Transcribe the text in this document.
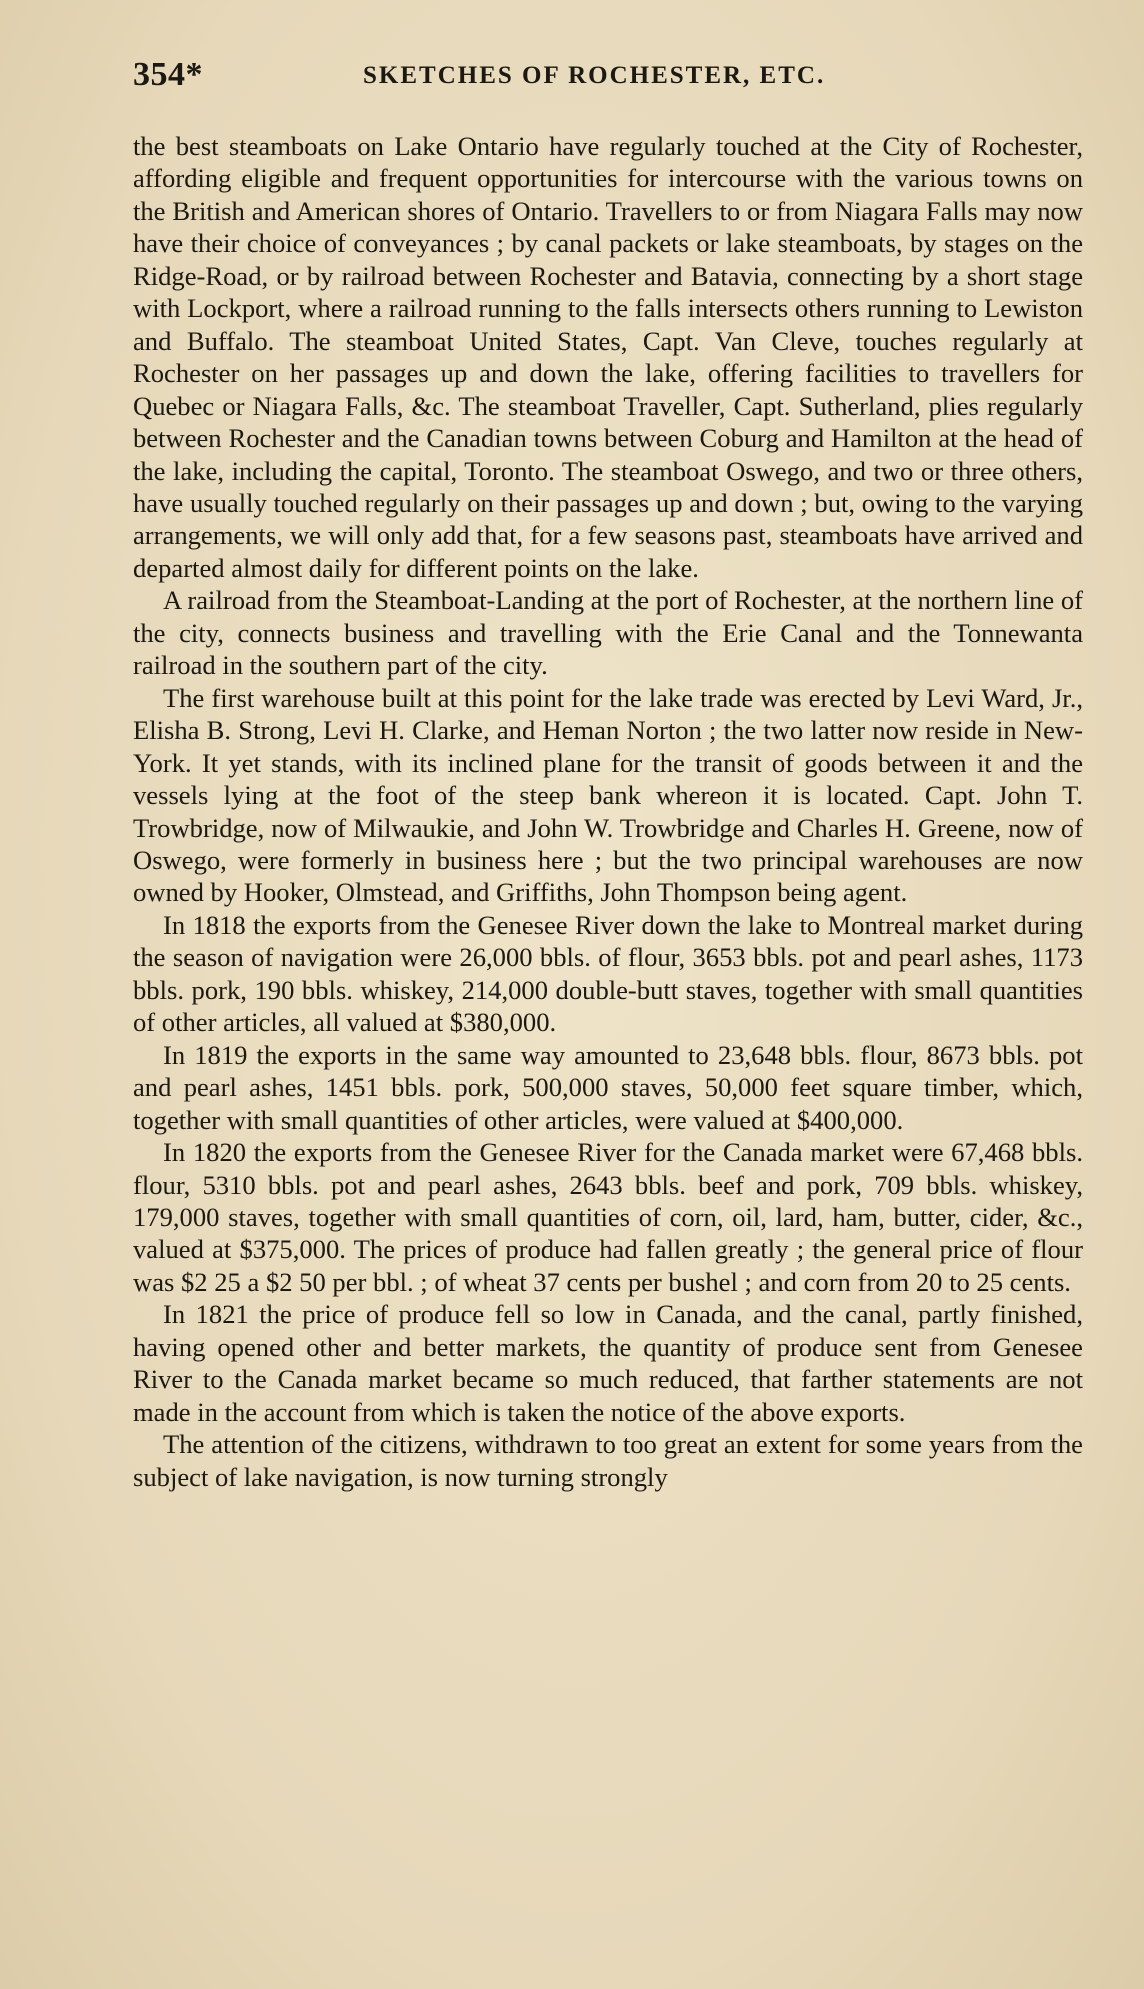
354*	SKETCHES OF ROCHESTER, ETC.

the best steamboats on Lake Ontario have regularly touched at the City of Rochester, affording eligible and frequent opportunities for intercourse with the various towns on the British and American shores of Ontario. Travellers to or from Niagara Falls may now have their choice of conveyances ; by canal packets or lake steamboats, by stages on the Ridge-Road, or by railroad between Rochester and Batavia, connecting by a short stage with Lockport, where a railroad running to the falls intersects others running to Lewiston and Buffalo. The steamboat United States, Capt. Van Cleve, touches regularly at Rochester on her passages up and down the lake, offering facilities to travellers for Quebec or Niagara Falls, &c. The steamboat Traveller, Capt. Sutherland, plies regularly between Rochester and the Canadian towns between Coburg and Hamilton at the head of the lake, including the capital, Toronto. The steamboat Oswego, and two or three others, have usually touched regularly on their passages up and down ; but, owing to the varying arrangements, we will only add that, for a few seasons past, steamboats have arrived and departed almost daily for different points on the lake.

A railroad from the Steamboat-Landing at the port of Rochester, at the northern line of the city, connects business and travelling with the Erie Canal and the Tonnewanta railroad in the southern part of the city.

The first warehouse built at this point for the lake trade was erected by Levi Ward, Jr., Elisha B. Strong, Levi H. Clarke, and Heman Norton ; the two latter now reside in New-York. It yet stands, with its inclined plane for the transit of goods between it and the vessels lying at the foot of the steep bank whereon it is located. Capt. John T. Trowbridge, now of Milwaukie, and John W. Trowbridge and Charles H. Greene, now of Oswego, were formerly in business here ; but the two principal warehouses are now owned by Hooker, Olmstead, and Griffiths, John Thompson being agent.

In 1818 the exports from the Genesee River down the lake to Montreal market during the season of navigation were 26,000 bbls. of flour, 3653 bbls. pot and pearl ashes, 1173 bbls. pork, 190 bbls. whiskey, 214,000 double-butt staves, together with small quantities of other articles, all valued at $380,000.

In 1819 the exports in the same way amounted to 23,648 bbls. flour, 8673 bbls. pot and pearl ashes, 1451 bbls. pork, 500,000 staves, 50,000 feet square timber, which, together with small quantities of other articles, were valued at $400,000.

In 1820 the exports from the Genesee River for the Canada market were 67,468 bbls. flour, 5310 bbls. pot and pearl ashes, 2643 bbls. beef and pork, 709 bbls. whiskey, 179,000 staves, together with small quantities of corn, oil, lard, ham, butter, cider, &c., valued at $375,000. The prices of produce had fallen greatly ; the general price of flour was $2 25 a $2 50 per bbl. ; of wheat 37 cents per bushel ; and corn from 20 to 25 cents.

In 1821 the price of produce fell so low in Canada, and the canal, partly finished, having opened other and better markets, the quantity of produce sent from Genesee River to the Canada market became so much reduced, that farther statements are not made in the account from which is taken the notice of the above exports.

The attention of the citizens, withdrawn to too great an extent for some years from the subject of lake navigation, is now turning strongly
